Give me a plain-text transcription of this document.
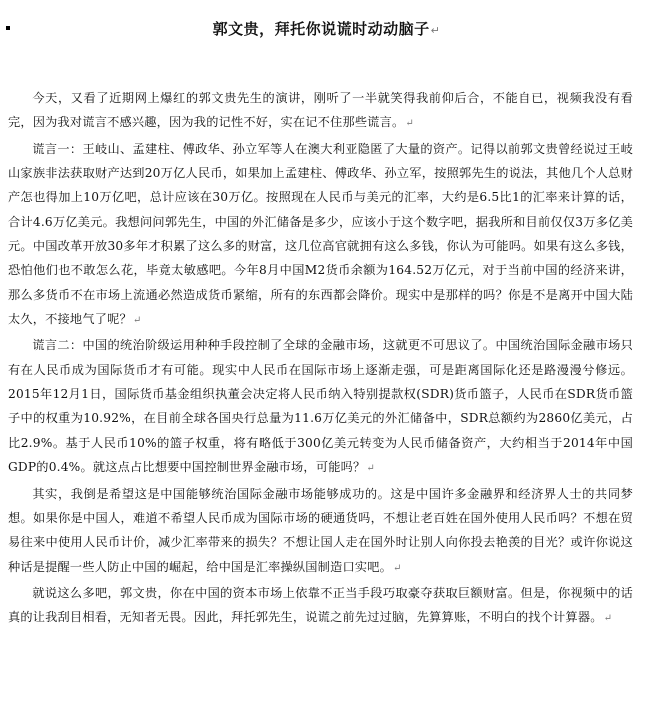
郭文贵，拜托你说谎时动动脑子↵

今天，又看了近期网上爆红的郭文贵先生的演讲，刚听了一半就笑得我前仰后合，不能自已，视频我没有看完，因为我对谎言不感兴趣，因为我的记性不好，实在记不住那些谎言。↵

谎言一：王岐山、孟建柱、傅政华、孙立军等人在澳大利亚隐匿了大量的资产。记得以前郭文贵曾经说过王岐山家族非法获取财产达到20万亿人民币，如果加上孟建柱、傅政华、孙立军，按照郭先生的说法，其他几个人总财产怎也得加上10万亿吧，总计应该在30万亿。按照现在人民币与美元的汇率，大约是6.5比1的汇率来计算的话，合计4.6万亿美元。我想问问郭先生，中国的外汇储备是多少，应该小于这个数字吧，据我所和目前仅仅3万多亿美元。中国改革开放30多年才积累了这么多的财富，这几位高官就拥有这么多钱，你认为可能吗。如果有这么多钱，恐怕他们也不敢怎么花，毕竟太敏感吧。今年8月中国M2货币余额为164.52万亿元，对于当前中国的经济来讲，那么多货币不在市场上流通必然造成货币紧缩，所有的东西都会降价。现实中是那样的吗？你是不是离开中国大陆太久，不接地气了呢？↵

谎言二：中国的统治阶级运用种种手段控制了全球的金融市场，这就更不可思议了。中国统治国际金融市场只有在人民币成为国际货币才有可能。现实中人民币在国际市场上逐渐走强，可是距离国际化还是路漫漫兮修远。2015年12月1日，国际货币基金组织执董会决定将人民币纳入特别提款权(SDR)货币篮子，人民币在SDR货币篮子中的权重为10.92%，在目前全球各国央行总量为11.6万亿美元的外汇储备中，SDR总额约为2860亿美元，占比2.9%。基于人民币10%的篮子权重，将有略低于300亿美元转变为人民币储备资产，大约相当于2014年中国GDP的0.4%。就这点占比想要中国控制世界金融市场，可能吗？↵

其实，我倒是希望这是中国能够统治国际金融市场能够成功的。这是中国许多金融界和经济界人士的共同梦想。如果你是中国人，难道不希望人民币成为国际市场的硬通货吗，不想让老百姓在国外使用人民币吗？不想在贸易往来中使用人民币计价，减少汇率带来的损失？不想让国人走在国外时让别人向你投去艳羡的目光？或许你说这种话是提醒一些人防止中国的崛起，给中国是汇率操纵国制造口实吧。↵

就说这么多吧，郭文贵，你在中国的资本市场上依靠不正当手段巧取豪夺获取巨额财富。但是，你视频中的话真的让我刮目相看，无知者无畏。因此，拜托郭先生，说谎之前先过过脑，先算算账，不明白的找个计算器。↵
